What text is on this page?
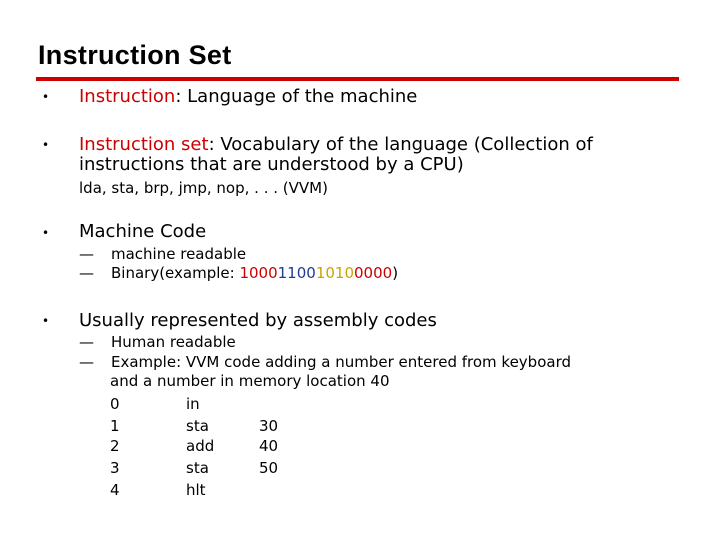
Instruction Set
• Instruction: Language of the machine
• Instruction set: Vocabulary of the language (Collection of
instructions that are understood by a CPU)
lda, sta, brp, jmp, nop, . . . (VVM)
• Machine Code
— machine readable
— Binary(example: 1000110010100000)
• Usually represented by assembly codes
— Human readable
— Example: VVM code adding a number entered from keyboard
and a number in memory location 40
0	in
1	sta	30
2	add	40
3	sta	50
4	hlt
